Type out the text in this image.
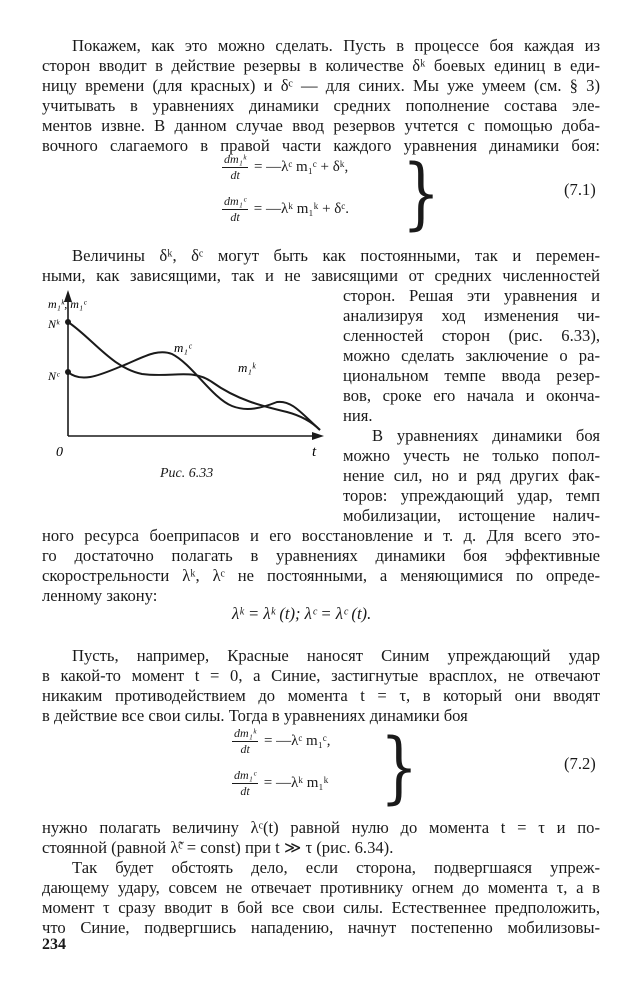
Покажем, как это можно сделать. Пусть в процессе боя каждая из
сторон вводит в действие резервы в количестве δᵏ боевых единиц в еди-
ницу времени (для красных) и δᶜ — для синих. Мы уже умеем (см. § 3)
учитывать в уравнениях динамики средних пополнение состава эле-
ментов извне. В данном случае ввод резервов учтется с помощью доба-
вочного слагаемого в правой части каждого уравнения динамики боя:
$\frac{\text{dm₁ᵏ}}{dt}$ = —λᶜ m₁ᶜ + δᵏ,
$\frac{\text{dm₁ᶜ}}{dt}$ = —λᵏ m₁ᵏ + δᶜ. }	(7.1)
Величины δᵏ, δᶜ могут быть как постоянными, так и перемен-
ными, как зависящими, так и не зависящими от средних численностей
m₁ᵏ, m₁ᶜ
Nᵏ
Nᶜ
0	t
m₁ᶜ
m₁ᵏ
Рис. 6.33
сторон. Решая эти уравнения и
анализируя ход изменения чи-
сленностей сторон (рис. 6.33),
можно сделать заключение о ра-
циональном темпе ввода резер-
вов, сроке его начала и оконча-
ния.
В уравнениях динамики боя
можно учесть не только попол-
нение сил, но и ряд других фак-
торов: упреждающий удар, темп
мобилизации, истощение налич-
ного ресурса боеприпасов и его восстановление и т. д. Для всего это-
го достаточно полагать в уравнениях динамики боя эффективные
скорострельности λᵏ, λᶜ не постоянными, а меняющимися по опреде-
ленному закону:
λᵏ = λᵏ (t); λᶜ = λᶜ (t).
Пусть, например, Красные наносят Синим упреждающий удар
в какой-то момент t = 0, а Синие, застигнутые врасплох, не отвечают
никаким противодействием до момента t = τ, в который они вводят
в действие все свои силы. Тогда в уравнениях динамики боя
$\frac{\text{dm₁ᵏ}}{dt}$ = —λᶜ m₁ᶜ,
$\frac{\text{dm₁ᶜ}}{dt}$ = —λᵏ m₁ᵏ }	(7.2)
нужно полагать величину λᶜ(t) равной нулю до момента t = τ и по-
стоянной (равной λ̃ᶜ = const) при t ≫ τ (рис. 6.34).
Так будет обстоять дело, если сторона, подвергшаяся упреж-
дающему удару, совсем не отвечает противнику огнем до момента τ, а в
момент τ сразу вводит в бой все свои силы. Естественнее предположить,
что Синие, подвергшись нападению, начнут постепенно мобилизовы-
234
